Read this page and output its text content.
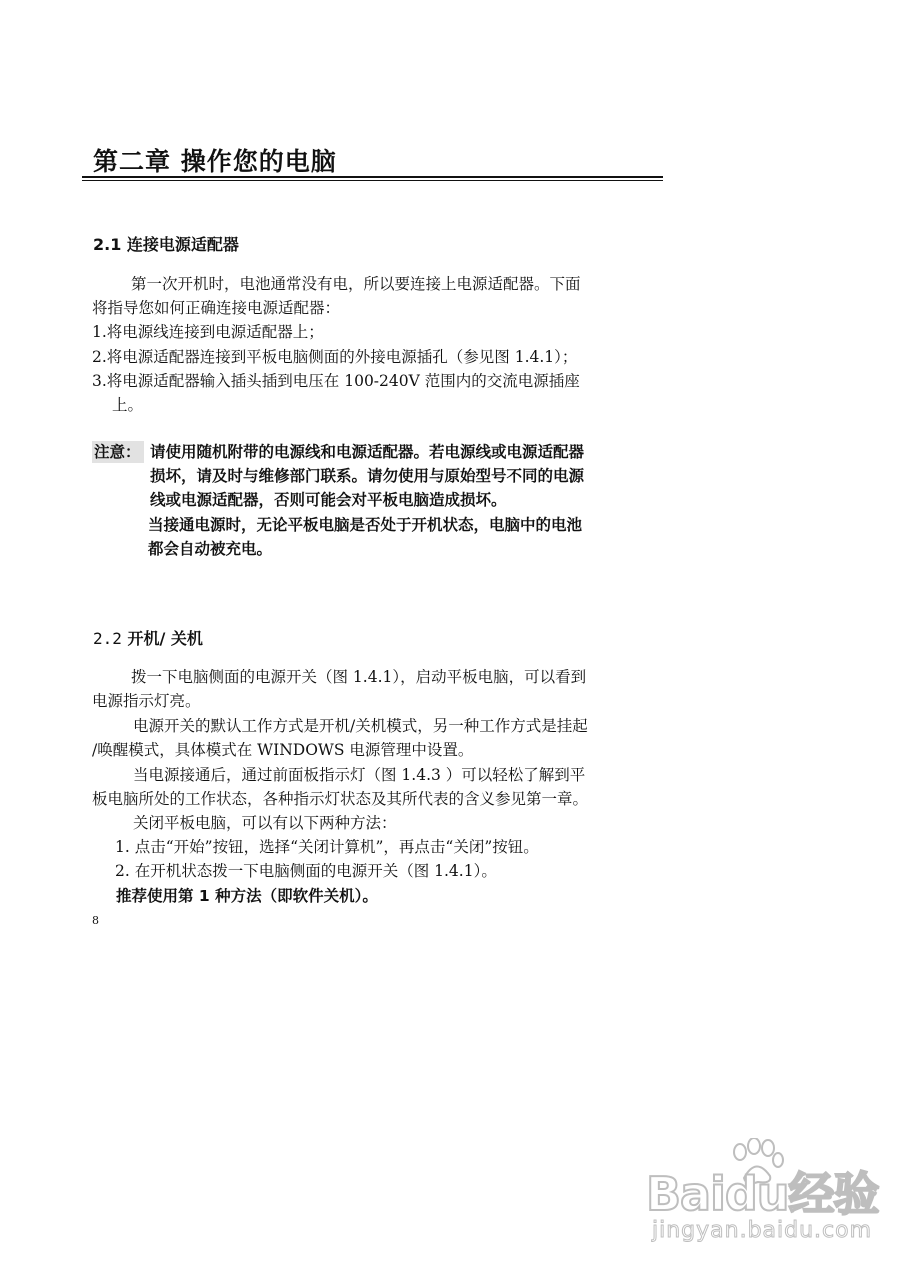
第二章 操作您的电脑
2.1 连接电源适配器
第一次开机时，电池通常没有电，所以要连接上电源适配器。下面
将指导您如何正确连接电源适配器：
1.将电源线连接到电源适配器上；
2.将电源适配器连接到平板电脑侧面的外接电源插孔（参见图 1.4.1）；
3.将电源适配器输入插头插到电压在 100-240V 范围内的交流电源插座
上。
注意： 请使用随机附带的电源线和电源适配器。若电源线或电源适配器
损坏，请及时与维修部门联系。请勿使用与原始型号不同的电源
线或电源适配器，否则可能会对平板电脑造成损坏。
当接通电源时，无论平板电脑是否处于开机状态，电脑中的电池
都会自动被充电。
2.2 开机/ 关机
拨一下电脑侧面的电源开关（图 1.4.1），启动平板电脑，可以看到
电源指示灯亮。
电源开关的默认工作方式是开机/关机模式，另一种工作方式是挂起
/唤醒模式，具体模式在 WINDOWS 电源管理中设置。
当电源接通后，通过前面板指示灯（图 1.4.3 ）可以轻松了解到平
板电脑所处的工作状态，各种指示灯状态及其所代表的含义参见第一章。
关闭平板电脑，可以有以下两种方法：
1. 点击“开始”按钮，选择“关闭计算机”，再点击“关闭”按钮。
2. 在开机状态拨一下电脑侧面的电源开关（图 1.4.1）。
推荐使用第 1 种方法（即软件关机）。
8
Baidu经验
jingyan.baidu.com
